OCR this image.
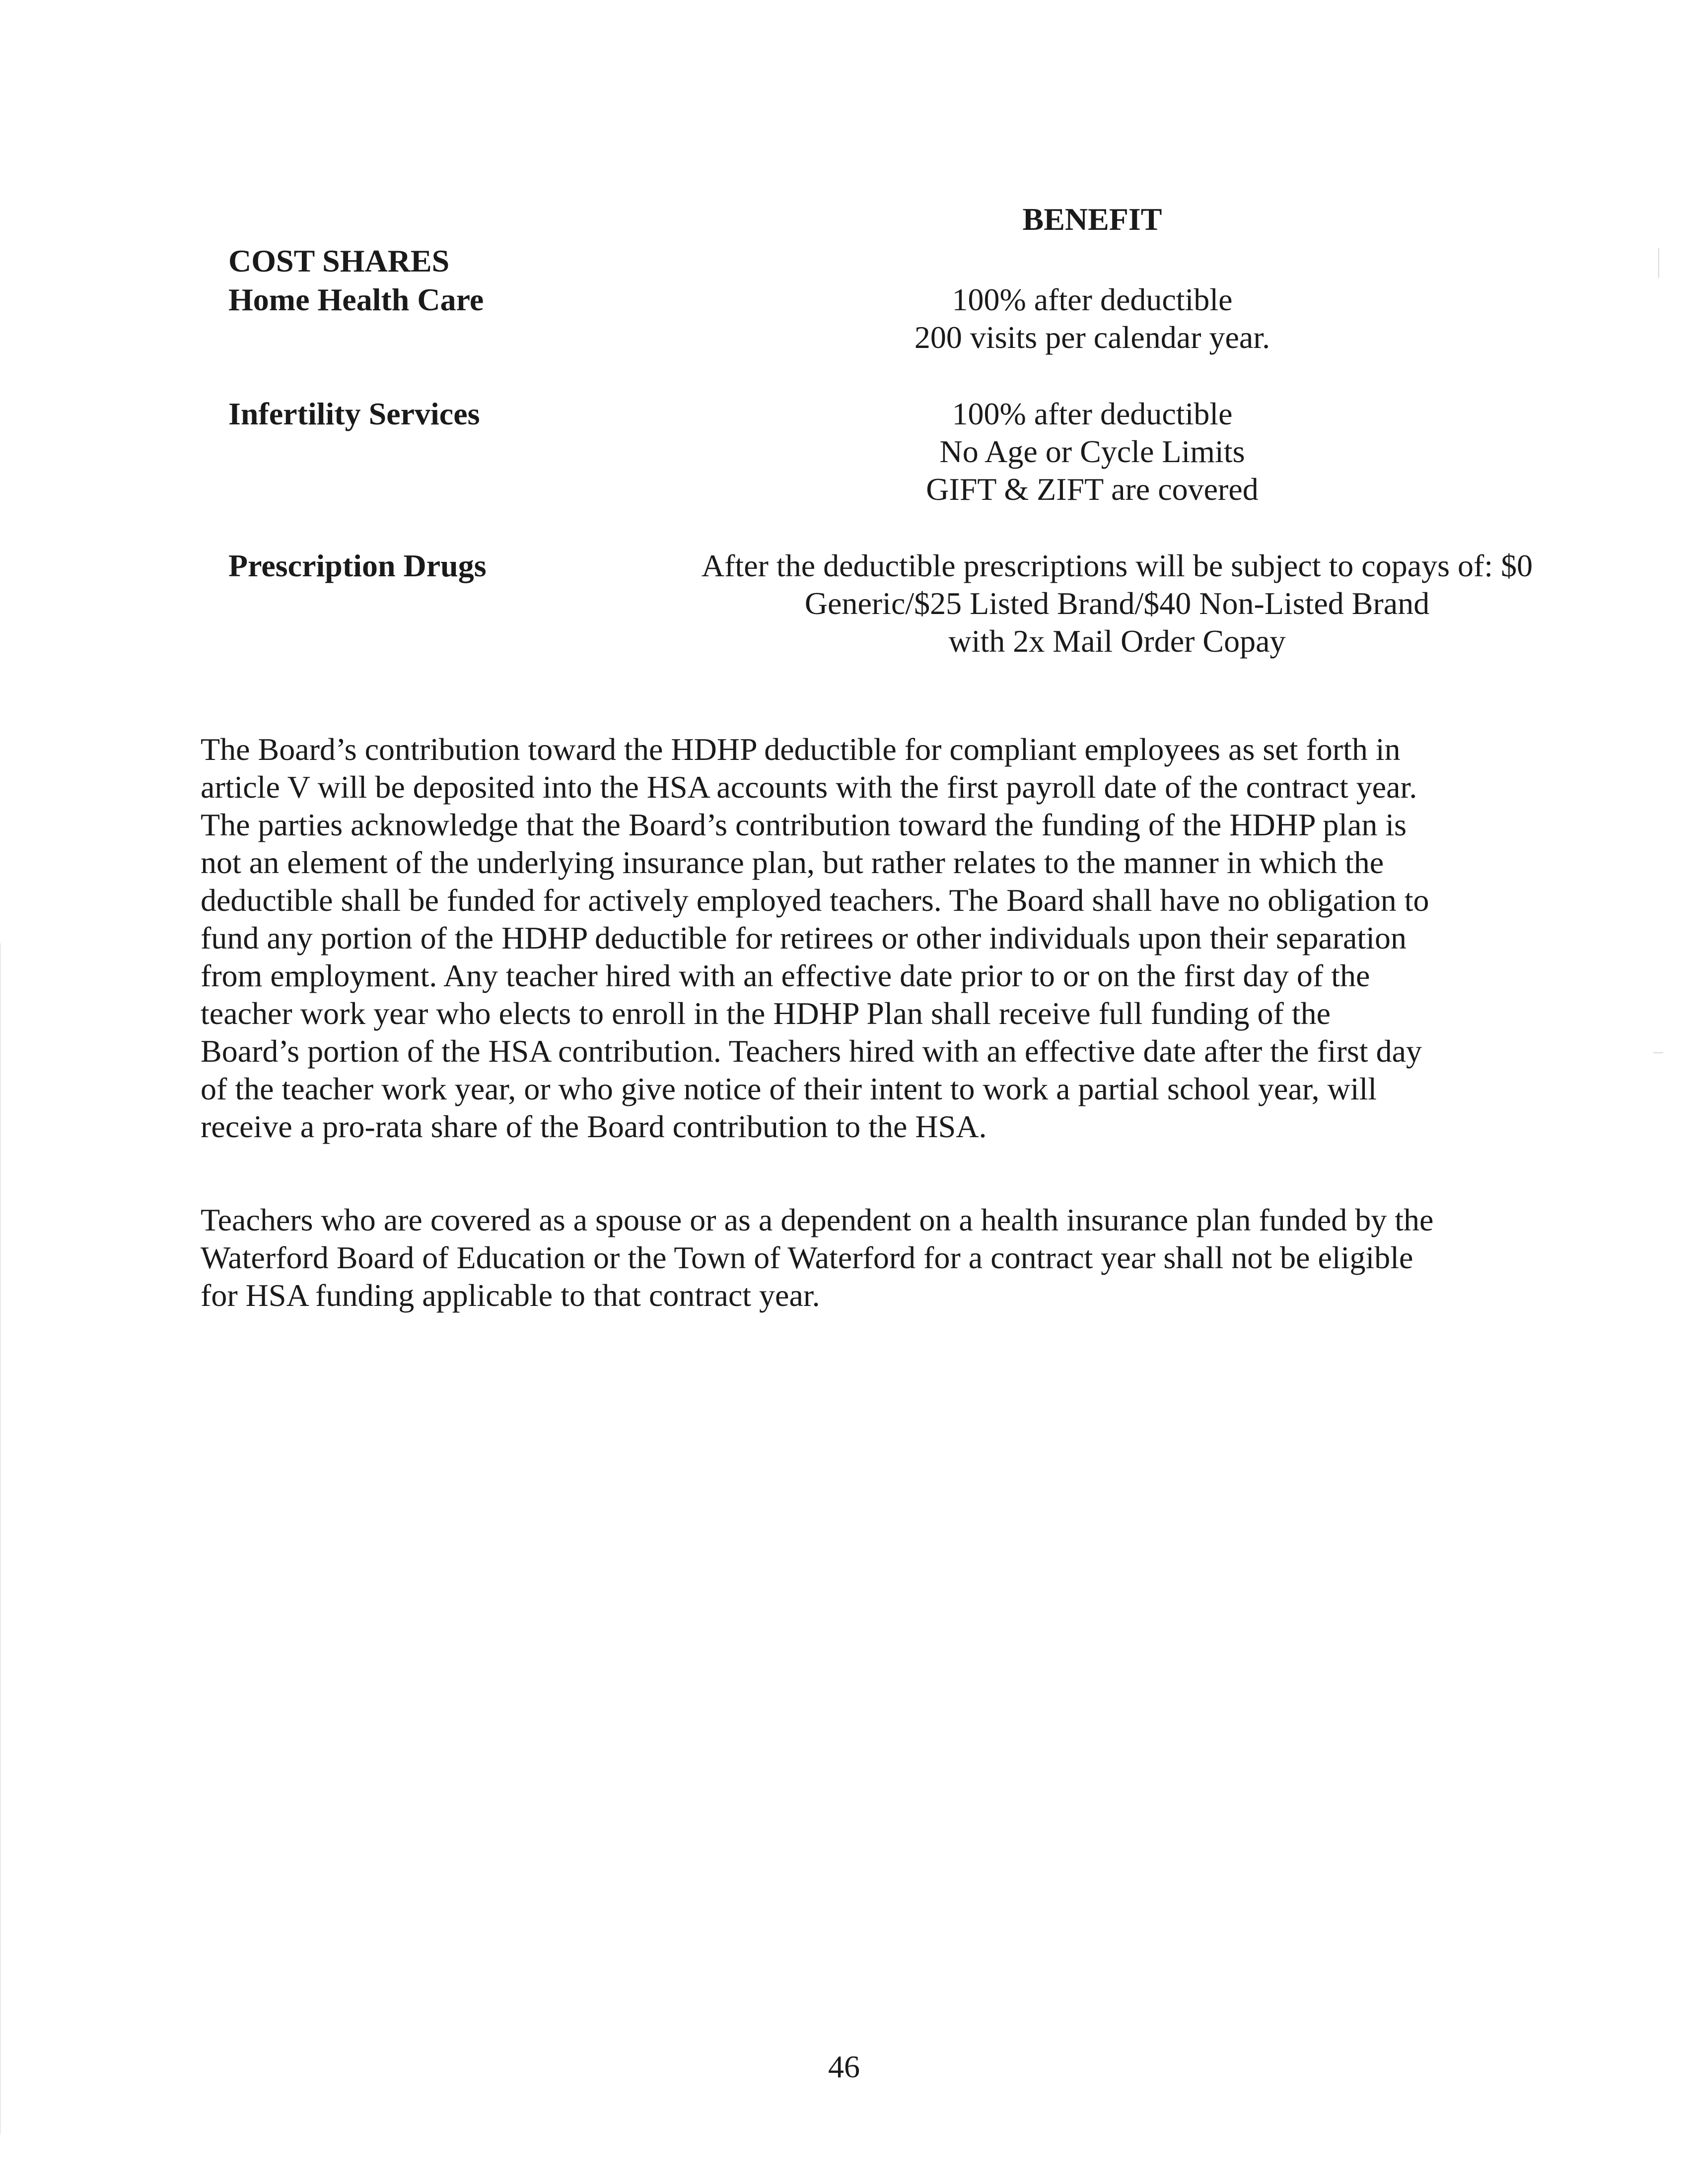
BENEFIT
COST SHARES
Home Health Care	100% after deductible
200 visits per calendar year.
Infertility Services	100% after deductible
No Age or Cycle Limits
GIFT & ZIFT are covered
Prescription Drugs	After the deductible prescriptions will be subject to copays of: $0
Generic/$25 Listed Brand/$40 Non-Listed Brand
with 2x Mail Order Copay
The Board’s contribution toward the HDHP deductible for compliant employees as set forth in
article V will be deposited into the HSA accounts with the first payroll date of the contract year.
The parties acknowledge that the Board’s contribution toward the funding of the HDHP plan is
not an element of the underlying insurance plan, but rather relates to the manner in which the
deductible shall be funded for actively employed teachers. The Board shall have no obligation to
fund any portion of the HDHP deductible for retirees or other individuals upon their separation
from employment. Any teacher hired with an effective date prior to or on the first day of the
teacher work year who elects to enroll in the HDHP Plan shall receive full funding of the
Board’s portion of the HSA contribution. Teachers hired with an effective date after the first day
of the teacher work year, or who give notice of their intent to work a partial school year, will
receive a pro-rata share of the Board contribution to the HSA.
Teachers who are covered as a spouse or as a dependent on a health insurance plan funded by the
Waterford Board of Education or the Town of Waterford for a contract year shall not be eligible
for HSA funding applicable to that contract year.
46
